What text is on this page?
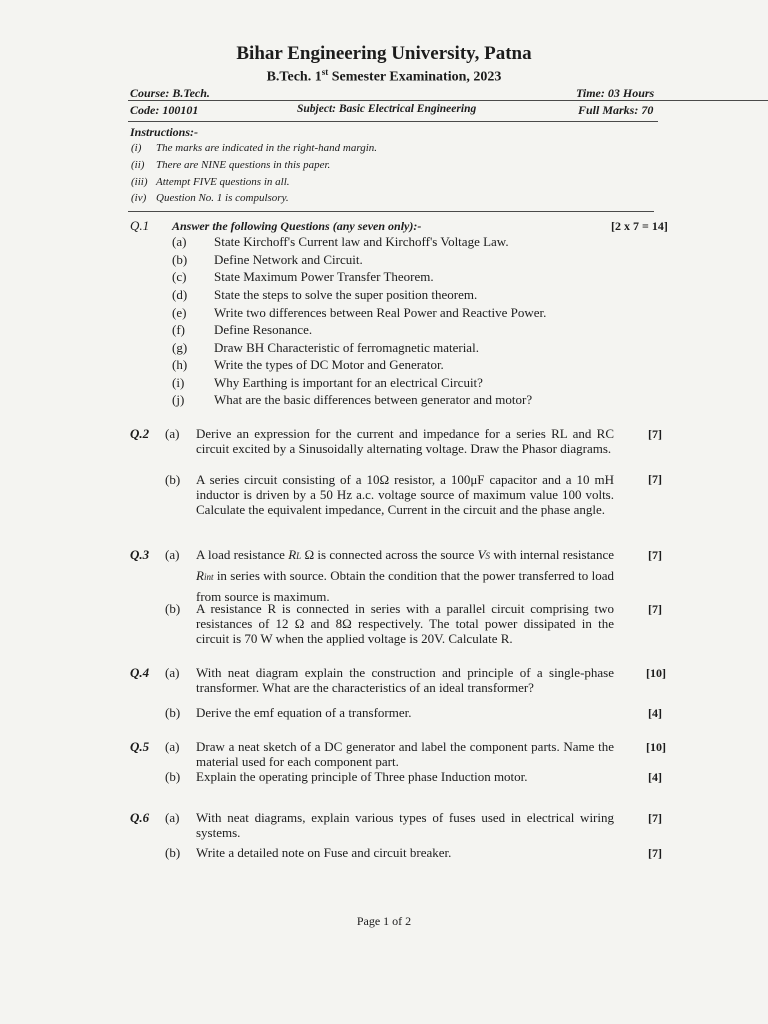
Bihar Engineering University, Patna
B.Tech. 1st Semester Examination, 2023
Course: B.Tech.	Time: 03 Hours
Code: 100101	Subject: Basic Electrical Engineering	Full Marks: 70
Instructions:-
(i) The marks are indicated in the right-hand margin.
(ii) There are NINE questions in this paper.
(iii) Attempt FIVE questions in all.
(iv) Question No. 1 is compulsory.
Q.1 Answer the following Questions (any seven only):-	[2 x 7 = 14]
(a) State Kirchoff's Current law and Kirchoff's Voltage Law.
(b) Define Network and Circuit.
(c) State Maximum Power Transfer Theorem.
(d) State the steps to solve the super position theorem.
(e) Write two differences between Real Power and Reactive Power.
(f) Define Resonance.
(g) Draw BH Characteristic of ferromagnetic material.
(h) Write the types of DC Motor and Generator.
(i) Why Earthing is important for an electrical Circuit?
(j) What are the basic differences between generator and motor?
Q.2 (a) Derive an expression for the current and impedance for a series RL and RC circuit excited by a Sinusoidally alternating voltage. Draw the Phasor diagrams.
[7]
(b) A series circuit consisting of a 10Ω resistor, a 100μF capacitor and a 10 mH inductor is driven by a 50 Hz a.c. voltage source of maximum value 100 volts. Calculate the equivalent impedance, Current in the circuit and the phase angle.
[7]
Q.3 (a) A load resistance RL Ω is connected across the source VS with internal resistance Rint in series with source. Obtain the condition that the power transferred to load from source is maximum.
[7]
(b) A resistance R is connected in series with a parallel circuit comprising two resistances of 12 Ω and 8Ω respectively. The total power dissipated in the circuit is 70 W when the applied voltage is 20V. Calculate R.
[7]
Q.4 (a) With neat diagram explain the construction and principle of a single-phase transformer. What are the characteristics of an ideal transformer?
[10]
(b) Derive the emf equation of a transformer.	[4]
Q.5 (a) Draw a neat sketch of a DC generator and label the component parts. Name the material used for each component part.
[10]
(b) Explain the operating principle of Three phase Induction motor.	[4]
Q.6 (a) With neat diagrams, explain various types of fuses used in electrical wiring systems.
[7]
(b) Write a detailed note on Fuse and circuit breaker.	[7]
Page 1 of 2
